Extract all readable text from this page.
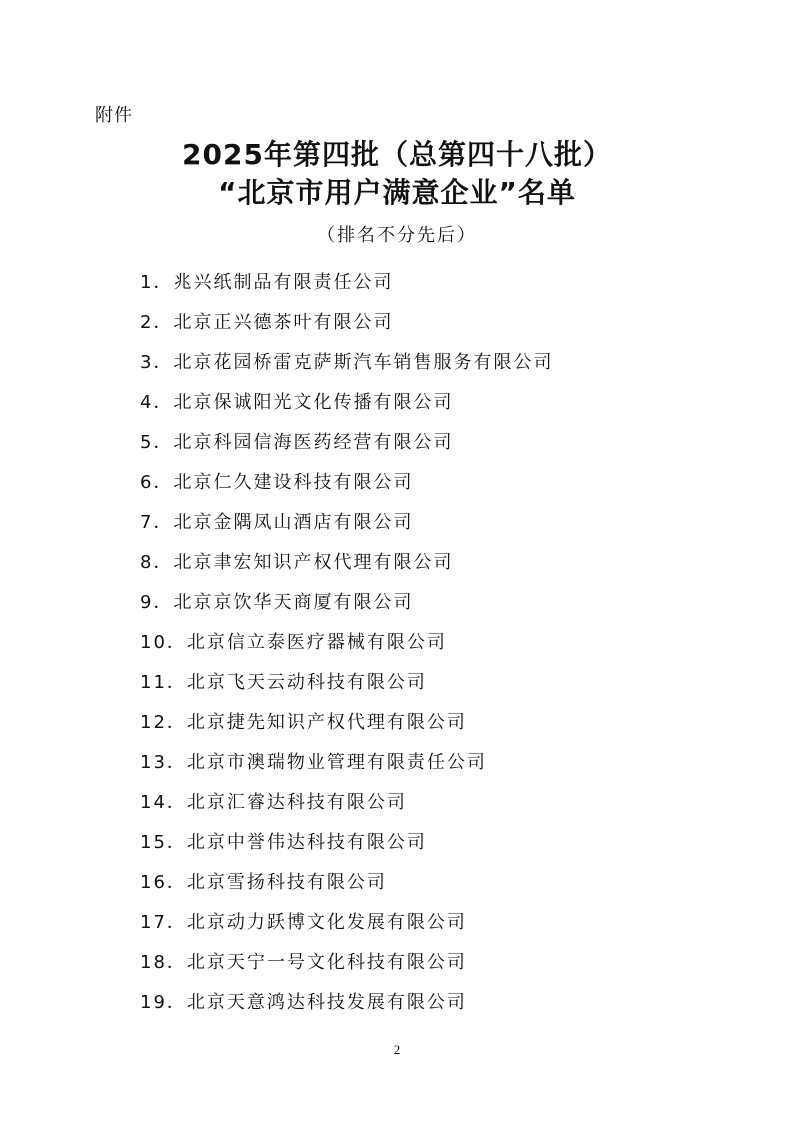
附件
2025年第四批（总第四十八批）
“北京市用户满意企业”名单
（排名不分先后）
1． 兆兴纸制品有限责任公司
2． 北京正兴德茶叶有限公司
3． 北京花园桥雷克萨斯汽车销售服务有限公司
4． 北京保诚阳光文化传播有限公司
5． 北京科园信海医药经营有限公司
6． 北京仁久建设科技有限公司
7． 北京金隅凤山酒店有限公司
8． 北京聿宏知识产权代理有限公司
9． 北京京饮华天商厦有限公司
10． 北京信立泰医疗器械有限公司
11． 北京飞天云动科技有限公司
12． 北京捷先知识产权代理有限公司
13． 北京市澳瑞物业管理有限责任公司
14． 北京汇睿达科技有限公司
15． 北京中誉伟达科技有限公司
16． 北京雪扬科技有限公司
17． 北京动力跃博文化发展有限公司
18． 北京天宁一号文化科技有限公司
19． 北京天意鸿达科技发展有限公司
2
